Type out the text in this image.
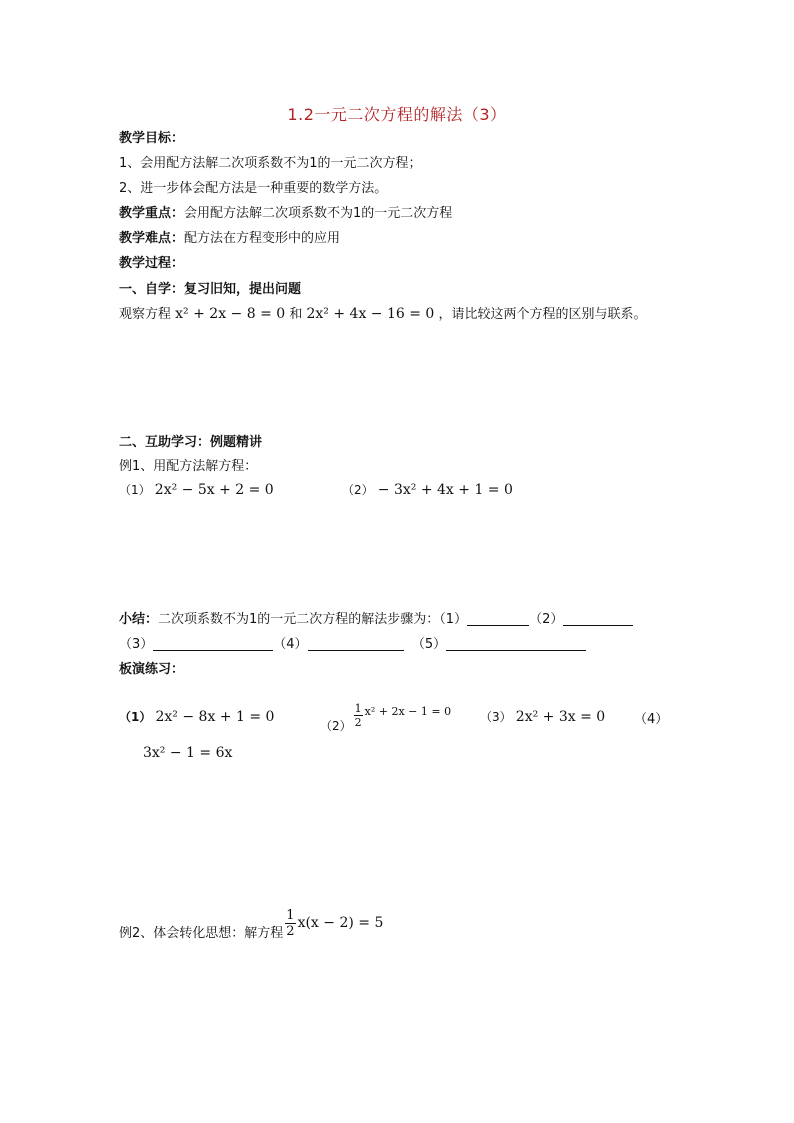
1.2一元二次方程的解法（3）
教学目标：
1、会用配方法解二次项系数不为1的一元二次方程；
2、进一步体会配方法是一种重要的数学方法。
教学重点：会用配方法解二次项系数不为1的一元二次方程
教学难点：配方法在方程变形中的应用
教学过程：
一、自学：复习旧知，提出问题
观察方程 x² + 2x − 8 = 0 和 2x² + 4x − 16 = 0 ，请比较这两个方程的区别与联系。
二、互助学习：例题精讲
例1、用配方法解方程：
（1） 2x² − 5x + 2 = 0	（2） − 3x² + 4x + 1 = 0
小结：二次项系数不为1的一元二次方程的解法步骤为：（1）	（2）
（3）	（4）	（5）
板演练习：
（1） 2x² − 8x + 1 = 0
$(2) \frac{1}{2} x^2 + 2x - 1 = 0$ （3） 2x² + 3x = 0 （4）
3x² − 1 = 6x
例2、体会转化思想：解方程 $\frac{1}{2} x(x - 2) = 5$
